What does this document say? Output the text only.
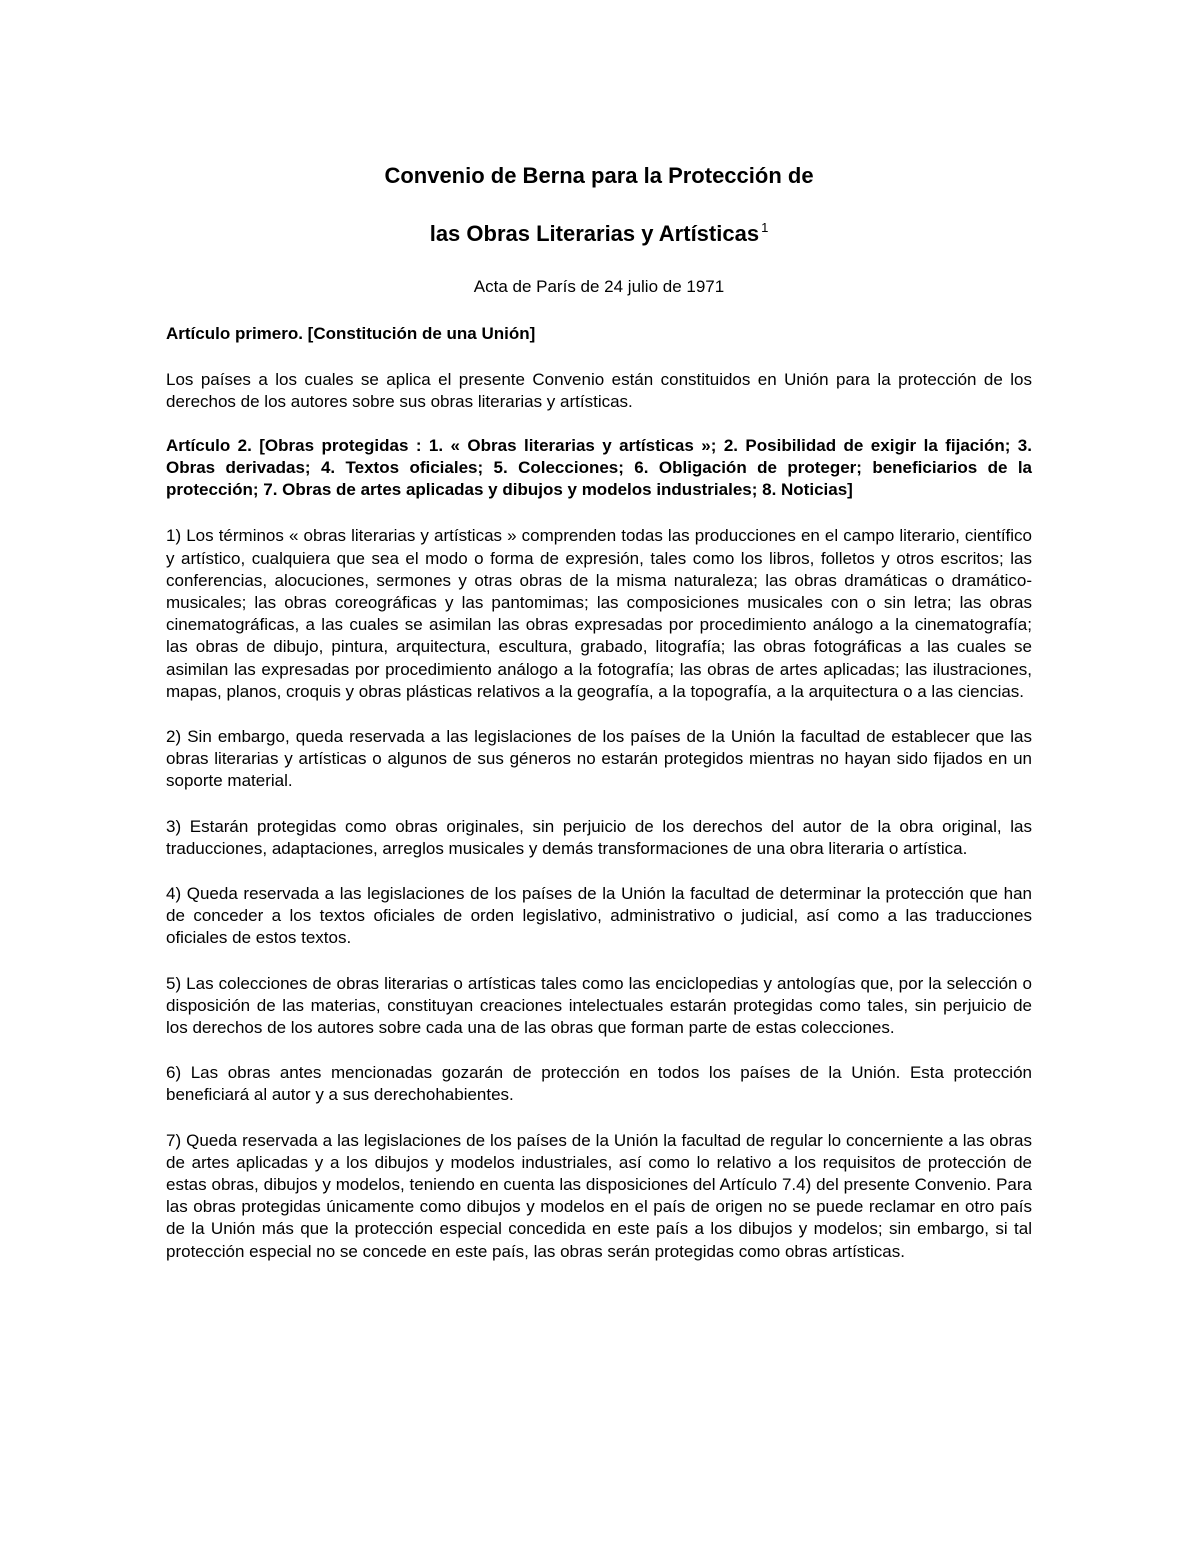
Convenio de Berna para la Protección de
las Obras Literarias y Artísticas $^1$

Acta de París de 24 julio de 1971

Artículo primero. [Constitución de una Unión]

Los países a los cuales se aplica el presente Convenio están constituidos en Unión para la protección de los derechos de los autores sobre sus obras literarias y artísticas.

Artículo 2. [Obras protegidas : 1. « Obras literarias y artísticas »; 2. Posibilidad de exigir la fijación; 3. Obras derivadas; 4. Textos oficiales; 5. Colecciones; 6. Obligación de proteger; beneficiarios de la protección; 7. Obras de artes aplicadas y dibujos y modelos industriales; 8. Noticias]

1) Los términos « obras literarias y artísticas » comprenden todas las producciones en el campo literario, científico y artístico, cualquiera que sea el modo o forma de expresión, tales como los libros, folletos y otros escritos; las conferencias, alocuciones, sermones y otras obras de la misma naturaleza; las obras dramáticas o dramático-musicales; las obras coreográficas y las pantomimas; las composiciones musicales con o sin letra; las obras cinematográficas, a las cuales se asimilan las obras expresadas por procedimiento análogo a la cinematografía; las obras de dibujo, pintura, arquitectura, escultura, grabado, litografía; las obras fotográficas a las cuales se asimilan las expresadas por procedimiento análogo a la fotografía; las obras de artes aplicadas; las ilustraciones, mapas, planos, croquis y obras plásticas relativos a la geografía, a la topografía, a la arquitectura o a las ciencias.

2) Sin embargo, queda reservada a las legislaciones de los países de la Unión la facultad de establecer que las obras literarias y artísticas o algunos de sus géneros no estarán protegidos mientras no hayan sido fijados en un soporte material.

3) Estarán protegidas como obras originales, sin perjuicio de los derechos del autor de la obra original, las traducciones, adaptaciones, arreglos musicales y demás transformaciones de una obra literaria o artística.

4) Queda reservada a las legislaciones de los países de la Unión la facultad de determinar la protección que han de conceder a los textos oficiales de orden legislativo, administrativo o judicial, así como a las traducciones oficiales de estos textos.

5) Las colecciones de obras literarias o artísticas tales como las enciclopedias y antologías que, por la selección o disposición de las materias, constituyan creaciones intelectuales estarán protegidas como tales, sin perjuicio de los derechos de los autores sobre cada una de las obras que forman parte de estas colecciones.

6) Las obras antes mencionadas gozarán de protección en todos los países de la Unión. Esta protección beneficiará al autor y a sus derechohabientes.

7) Queda reservada a las legislaciones de los países de la Unión la facultad de regular lo concerniente a las obras de artes aplicadas y a los dibujos y modelos industriales, así como lo relativo a los requisitos de protección de estas obras, dibujos y modelos, teniendo en cuenta las disposiciones del Artículo 7.4) del presente Convenio. Para las obras protegidas únicamente como dibujos y modelos en el país de origen no se puede reclamar en otro país de la Unión más que la protección especial concedida en este país a los dibujos y modelos; sin embargo, si tal protección especial no se concede en este país, las obras serán protegidas como obras artísticas.
